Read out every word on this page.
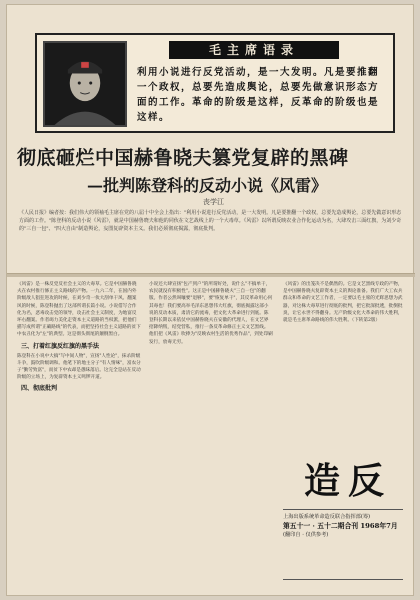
毛主席语录
利用小说进行反党活动，是一大发明。凡是要推翻一个政权，总要先造成舆论，总要先做意识形态方面的工作。革命的阶级是这样，反革命的阶级也是这样。
彻底砸烂中国赫鲁晓夫篡党复辟的黑碑
—批判陈登科的反动小说《风雷》
丧学江
《人民日报》编者按：我们伟大的领袖毛主席在党的八届十中全会上指出："利用小说进行反党活动，是一大发明。凡是要推翻一个政权，总要先造成舆论，总要先做意识形态方面的工作。"陈登科的反动小说《风雷》，就是中国赫鲁晓夫和他的同伙在文艺战线上的一个大毒草。《风雷》以所谓反映农业合作化运动为名，大肆攻击三面红旗，为刘少奇的"三自一包"、"四大自由"制造舆论，妄图复辟资本主义。我们必须彻底揭露，彻底批判。
《风雷》是一株反党反社会主义的大毒草。它是中国赫鲁晓夫在农村推行修正主义路线的产物。一九六二年，在国内外阶级敌人猖狂进攻的时候，在刘少奇一伙大刮单干风、翻案风的时候，陈登科抛出了这部所谓长篇小说。小说借写合作化为名，恶毒攻击党的领导，攻击社会主义制度，为地富反坏右翻案。作者竭力美化走资本主义道路的当权派，把他们描写成所谓"正确路线"的代表，而把坚持社会主义道路的贫下中农丑化为"左"的典型。这是彻头彻尾的颠倒黑白。
三、打着红旗反红旗的黑手法
陈登科在小说中大搞"写中间人物"，宣扬"人性论"，抹杀阶级斗争，鼓吹阶级调和。他笔下的地主分子"有人情味"，富农分子"勤劳致富"，而贫下中农却是愚昧落后。这完全是站在反动阶级的立场上，为复辟资本主义鸣锣开道。
四、彻底批判
小说还大肆宣扬"包产到户"的所谓好处，说什么"不搞单干，农民就没有积极性"。这正是中国赫鲁晓夫"三自一包"的翻版。作者公然叫嚷要"退够"，要"恢复单干"，其反革命用心何其毒也！我们要高举毛泽东思想伟大红旗，彻底揭露这部小说的反动本质，肃清它的流毒，把文化大革命进行到底。陈登科长期以来依仗中国赫鲁晓夫在安徽的代理人，在文艺界招降纳叛，结党营私，推行一条反革命修正主义文艺黑线。他们把《风雷》吹捧为"反映农村生活的优秀作品"，到处印刷发行，放毒无穷。
《风雷》的出笼决不是偶然的。它是文艺黑线专政的产物，是中国赫鲁晓夫复辟资本主义的舆论准备。我们广大工农兵群众和革命的文艺工作者，一定要以毛主席的光辉思想为武器，对这株大毒草进行彻底的批判，把它批深批透，批倒批臭，让它永世不得翻身。无产阶级文化大革命的伟大胜利，就是毛主席革命路线的伟大胜利。（下转第2版）
造反
上海出版系统革命造反联合指挥部(筹)
第五十一 · 五十二期合刊 1968年7月
(翻印自 · 仅供参考)
